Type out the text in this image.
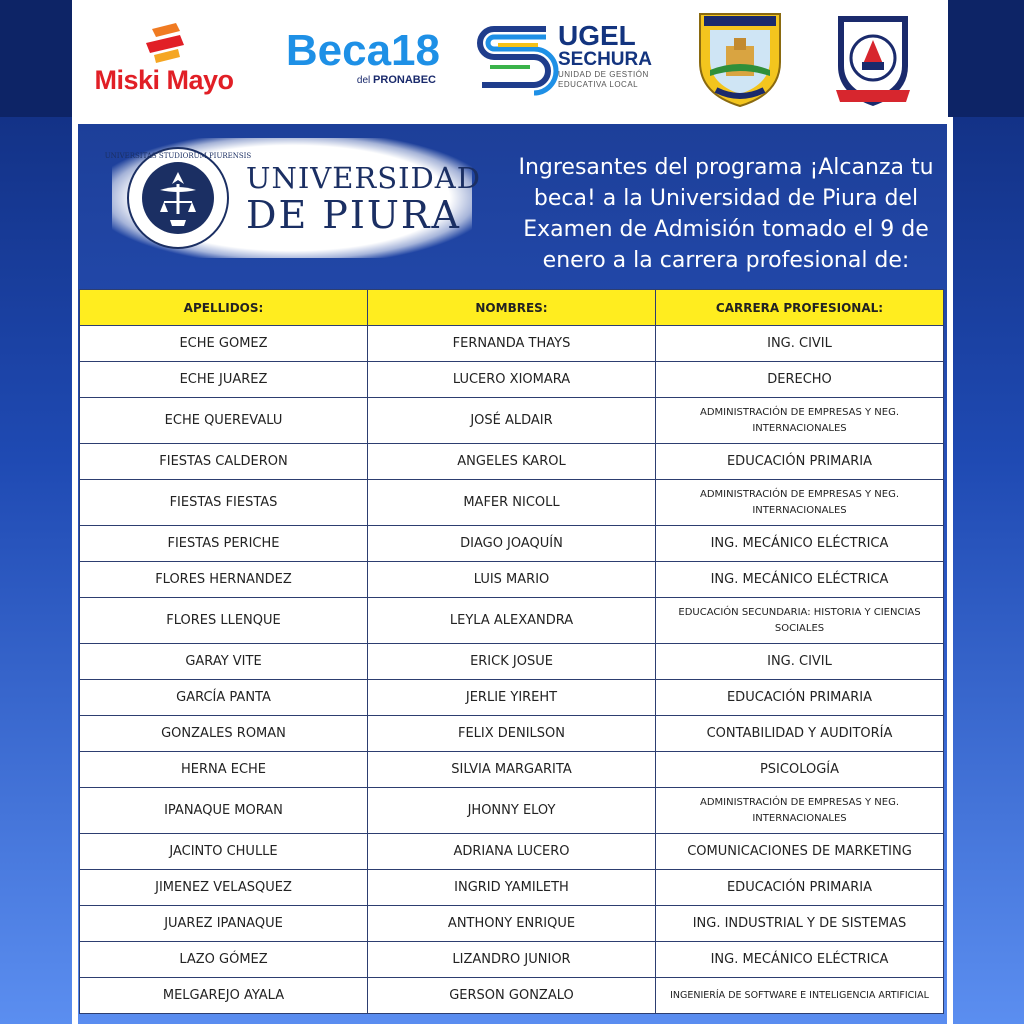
Miski Mayo
Beca18
del PRONABEC
UGEL
SECHURA
UNIDAD DE GESTIÓN
EDUCATIVA LOCAL
UNIVERSITAS STUDIORUM PIURENSIS
UNIVERSIDAD
DE PIURA
Ingresantes del programa ¡Alcanza tu beca! a la Universidad de Piura del Examen de Admisión tomado el 9 de enero a la carrera profesional de:
APELLIDOS:	NOMBRES:	CARRERA PROFESIONAL:
ECHE GOMEZ	FERNANDA THAYS	ING. CIVIL
ECHE JUAREZ	LUCERO XIOMARA	DERECHO
ECHE QUEREVALU	JOSÉ ALDAIR	ADMINISTRACIÓN DE EMPRESAS Y NEG. INTERNACIONALES
FIESTAS CALDERON	ANGELES KAROL	EDUCACIÓN PRIMARIA
FIESTAS FIESTAS	MAFER NICOLL	ADMINISTRACIÓN DE EMPRESAS Y NEG. INTERNACIONALES
FIESTAS PERICHE	DIAGO JOAQUÍN	ING. MECÁNICO ELÉCTRICA
FLORES HERNANDEZ	LUIS MARIO	ING. MECÁNICO ELÉCTRICA
FLORES LLENQUE	LEYLA ALEXANDRA	EDUCACIÓN SECUNDARIA: HISTORIA Y CIENCIAS SOCIALES
GARAY VITE	ERICK JOSUE	ING. CIVIL
GARCÍA PANTA	JERLIE YIREHT	EDUCACIÓN PRIMARIA
GONZALES ROMAN	FELIX DENILSON	CONTABILIDAD Y AUDITORÍA
HERNA ECHE	SILVIA MARGARITA	PSICOLOGÍA
IPANAQUE MORAN	JHONNY ELOY	ADMINISTRACIÓN DE EMPRESAS Y NEG. INTERNACIONALES
JACINTO CHULLE	ADRIANA LUCERO	COMUNICACIONES DE MARKETING
JIMENEZ VELASQUEZ	INGRID YAMILETH	EDUCACIÓN PRIMARIA
JUAREZ IPANAQUE	ANTHONY ENRIQUE	ING. INDUSTRIAL Y DE SISTEMAS
LAZO GÓMEZ	LIZANDRO JUNIOR	ING. MECÁNICO ELÉCTRICA
MELGAREJO AYALA	GERSON GONZALO	INGENIERÍA DE SOFTWARE E INTELIGENCIA ARTIFICIAL
